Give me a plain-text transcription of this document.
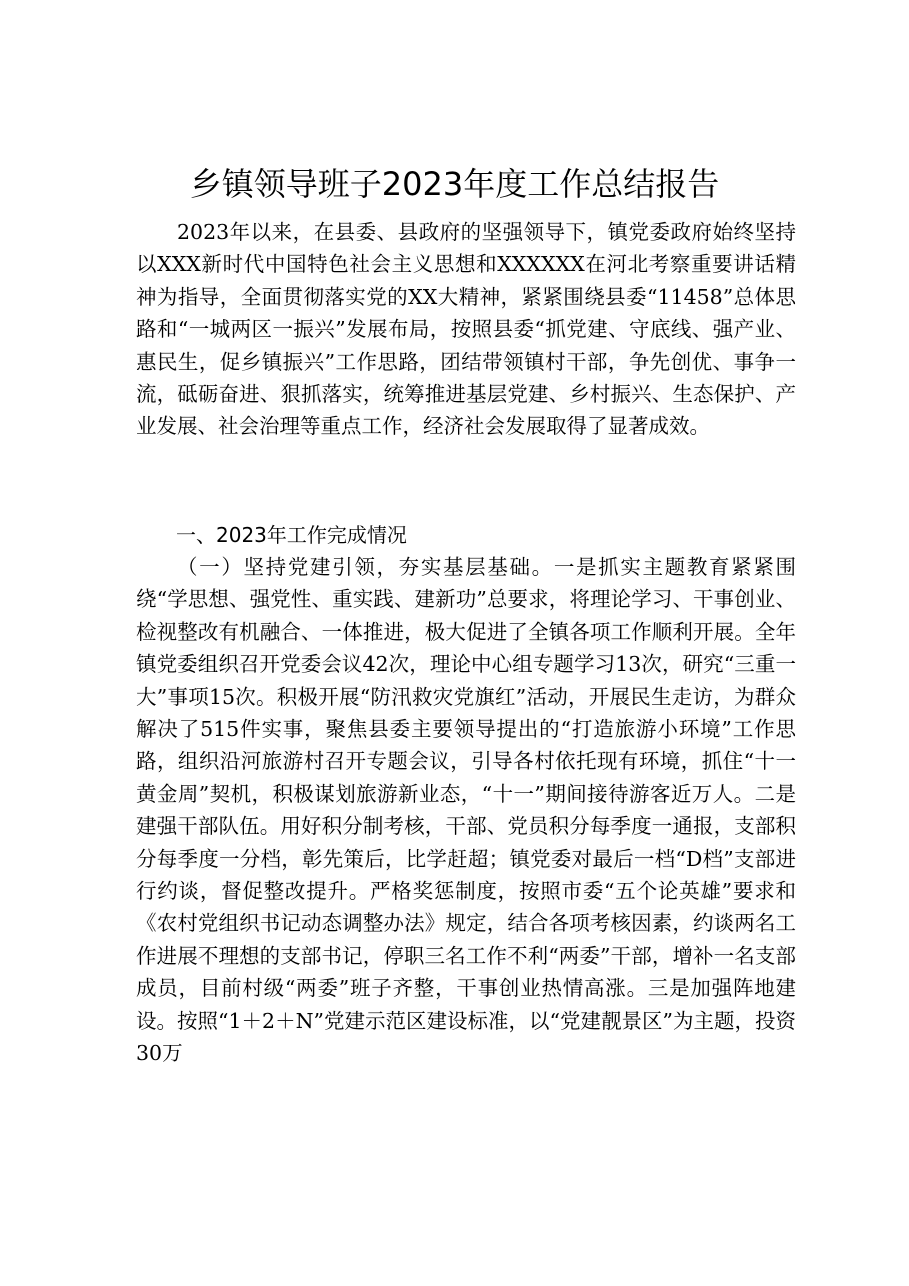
乡镇领导班子2023年度工作总结报告

2023年以来，在县委、县政府的坚强领导下，镇党委政府始终坚持以XXX新时代中国特色社会主义思想和XXXXXX在河北考察重要讲话精神为指导，全面贯彻落实党的XX大精神，紧紧围绕县委“11458”总体思路和“一城两区一振兴”发展布局，按照县委“抓党建、守底线、强产业、惠民生，促乡镇振兴”工作思路，团结带领镇村干部，争先创优、事争一流，砥砺奋进、狠抓落实，统筹推进基层党建、乡村振兴、生态保护、产业发展、社会治理等重点工作，经济社会发展取得了显著成效。

一、2023年工作完成情况

（一）坚持党建引领，夯实基层基础。一是抓实主题教育紧紧围绕“学思想、强党性、重实践、建新功”总要求，将理论学习、干事创业、检视整改有机融合、一体推进，极大促进了全镇各项工作顺利开展。全年镇党委组织召开党委会议42次，理论中心组专题学习13次，研究“三重一大”事项15次。积极开展“防汛救灾党旗红”活动，开展民生走访，为群众解决了515件实事，聚焦县委主要领导提出的“打造旅游小环境”工作思路，组织沿河旅游村召开专题会议，引导各村依托现有环境，抓住“十一黄金周”契机，积极谋划旅游新业态，“十一”期间接待游客近万人。二是建强干部队伍。用好积分制考核，干部、党员积分每季度一通报，支部积分每季度一分档，彰先策后，比学赶超；镇党委对最后一档“D档”支部进行约谈，督促整改提升。严格奖惩制度，按照市委“五个论英雄”要求和《农村党组织书记动态调整办法》规定，结合各项考核因素，约谈两名工作进展不理想的支部书记，停职三名工作不利“两委”干部，增补一名支部成员，目前村级“两委”班子齐整，干事创业热情高涨。三是加强阵地建设。按照“1＋2＋N”党建示范区建设标准，以“党建靓景区”为主题，投资30万
